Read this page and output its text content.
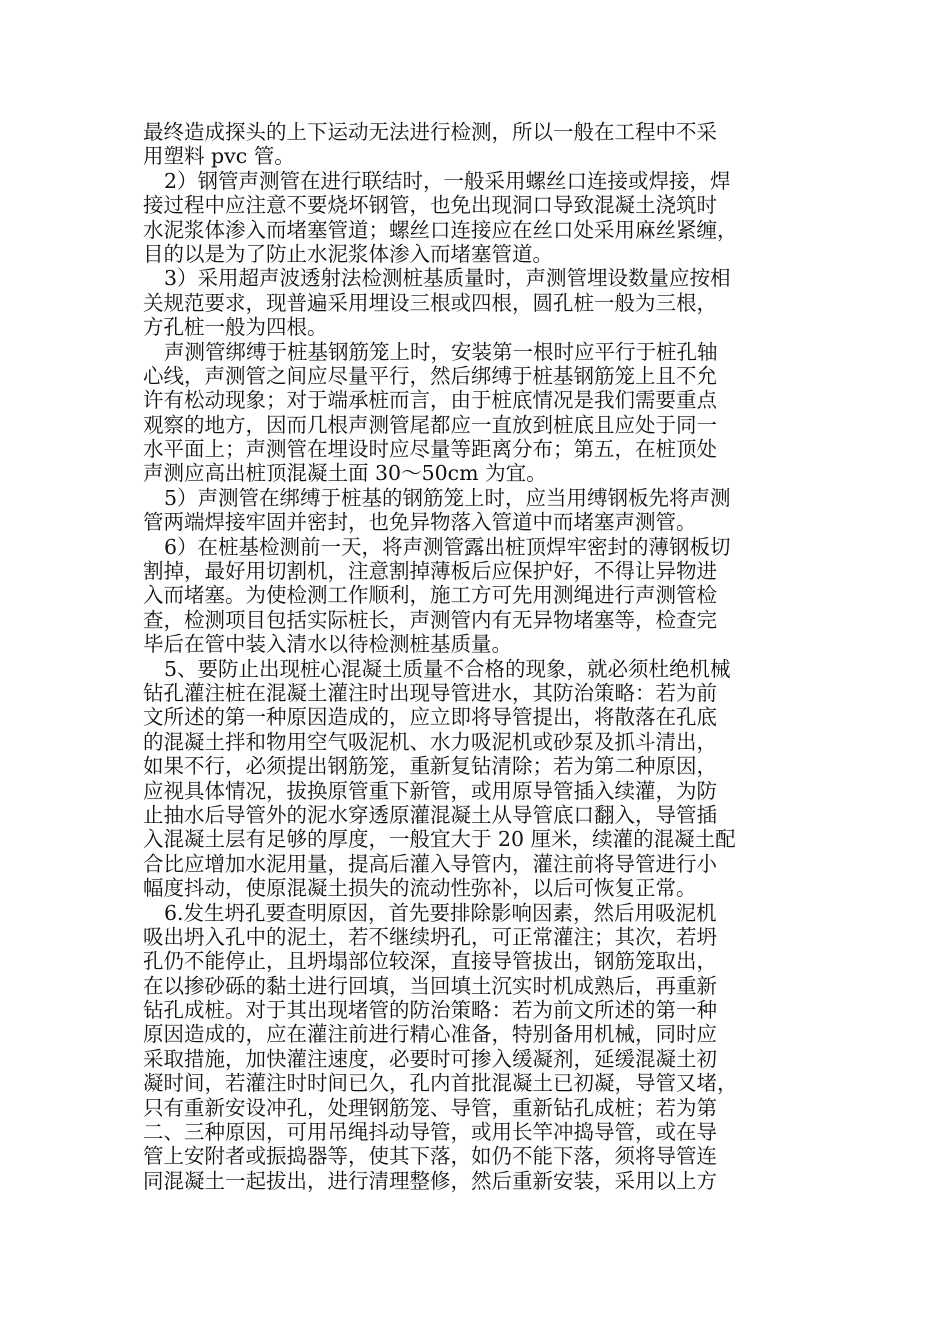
最终造成探头的上下运动无法进行检测，所以一般在工程中不采
用塑料 pvc 管。
2）钢管声测管在进行联结时，一般采用螺丝口连接或焊接，焊
接过程中应注意不要烧坏钢管，也免出现洞口导致混凝土浇筑时
水泥浆体渗入而堵塞管道；螺丝口连接应在丝口处采用麻丝紧缠，
目的以是为了防止水泥浆体渗入而堵塞管道。
3）采用超声波透射法检测桩基质量时，声测管埋设数量应按相
关规范要求，现普遍采用埋设三根或四根，圆孔桩一般为三根，
方孔桩一般为四根。
声测管绑缚于桩基钢筋笼上时，安装第一根时应平行于桩孔轴
心线，声测管之间应尽量平行，然后绑缚于桩基钢筋笼上且不允
许有松动现象；对于端承桩而言，由于桩底情况是我们需要重点
观察的地方，因而几根声测管尾都应一直放到桩底且应处于同一
水平面上；声测管在埋设时应尽量等距离分布；第五，在桩顶处
声测应高出桩顶混凝土面 30～50cm 为宜。
5）声测管在绑缚于桩基的钢筋笼上时，应当用缚钢板先将声测
管两端焊接牢固并密封，也免异物落入管道中而堵塞声测管。
6）在桩基检测前一天，将声测管露出桩顶焊牢密封的薄钢板切
割掉，最好用切割机，注意割掉薄板后应保护好，不得让异物进
入而堵塞。为使检测工作顺利，施工方可先用测绳进行声测管检
查，检测项目包括实际桩长，声测管内有无异物堵塞等，检查完
毕后在管中装入清水以待检测桩基质量。
5、要防止出现桩心混凝土质量不合格的现象，就必须杜绝机械
钻孔灌注桩在混凝土灌注时出现导管进水，其防治策略：若为前
文所述的第一种原因造成的，应立即将导管提出，将散落在孔底
的混凝土拌和物用空气吸泥机、水力吸泥机或砂泵及抓斗清出，
如果不行，必须提出钢筋笼，重新复钻清除；若为第二种原因，
应视具体情况，拔换原管重下新管，或用原导管插入续灌，为防
止抽水后导管外的泥水穿透原灌混凝土从导管底口翻入，导管插
入混凝土层有足够的厚度，一般宜大于 20 厘米，续灌的混凝土配
合比应增加水泥用量，提高后灌入导管内，灌注前将导管进行小
幅度抖动，使原混凝土损失的流动性弥补，以后可恢复正常。
6.发生坍孔要查明原因，首先要排除影响因素，然后用吸泥机
吸出坍入孔中的泥土，若不继续坍孔，可正常灌注；其次，若坍
孔仍不能停止，且坍塌部位较深，直接导管拔出，钢筋笼取出，
在以掺砂砾的黏土进行回填，当回填土沉实时机成熟后，再重新
钻孔成桩。对于其出现堵管的防治策略：若为前文所述的第一种
原因造成的，应在灌注前进行精心准备，特别备用机械，同时应
采取措施，加快灌注速度，必要时可掺入缓凝剂，延缓混凝土初
凝时间，若灌注时时间已久，孔内首批混凝土已初凝，导管又堵，
只有重新安设冲孔，处理钢筋笼、导管，重新钻孔成桩；若为第
二、三种原因，可用吊绳抖动导管，或用长竿冲捣导管，或在导
管上安附者或振捣器等，使其下落，如仍不能下落，须将导管连
同混凝土一起拔出，进行清理整修，然后重新安装，采用以上方
